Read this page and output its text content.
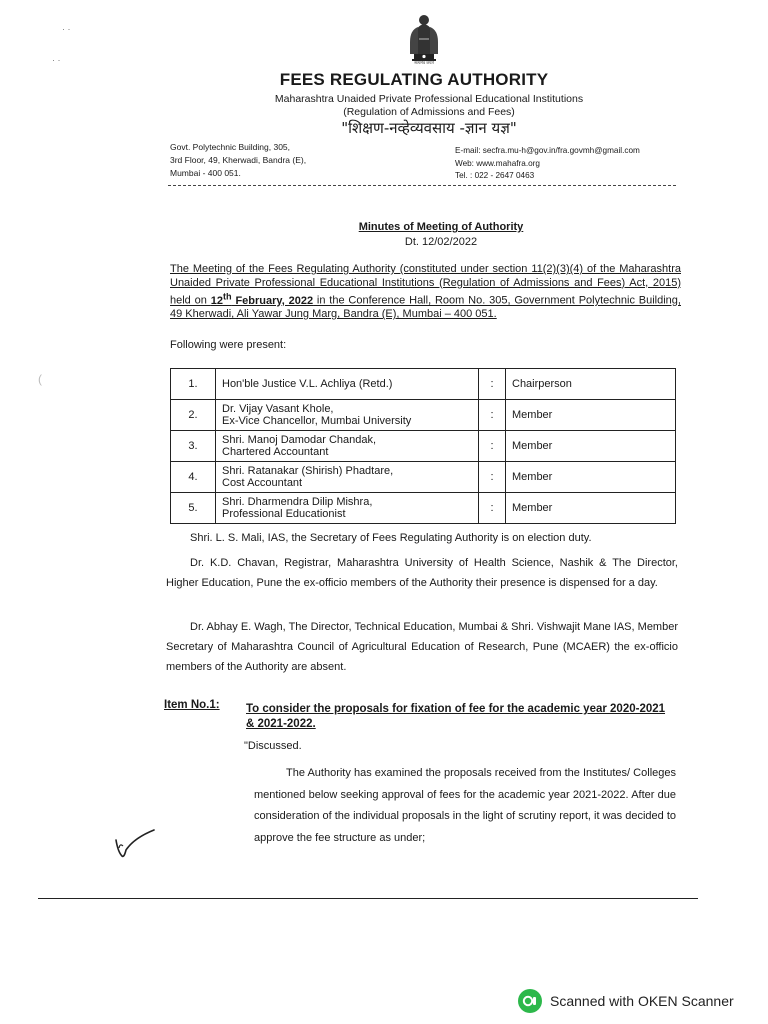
सत्यमेव जयते
FEES REGULATING AUTHORITY
Maharashtra Unaided Private Professional Educational Institutions
(Regulation of Admissions and Fees)
"शिक्षण-नव्हेव्यवसाय -ज्ञान यज्ञ"
Govt. Polytechnic Building, 305,
3rd Floor, 49, Kherwadi, Bandra (E),
Mumbai - 400 051.
E-mail: secfra.mu-h@gov.in/fra.govmh@gmail.com
Web: www.mahafra.org
Tel. : 022 - 2647 0463
Minutes of Meeting of Authority
Dt. 12/02/2022
The Meeting of the Fees Regulating Authority (constituted under section 11(2)(3)(4) of the Maharashtra Unaided Private Professional Educational Institutions (Regulation of Admissions and Fees) Act, 2015) held on 12th February, 2022 in the Conference Hall, Room No. 305, Government Polytechnic Building, 49 Kherwadi, Ali Yawar Jung Marg, Bandra (E), Mumbai – 400 051.
Following were present:
1.	Hon'ble Justice V.L. Achliya (Retd.)	:	Chairperson
2.	Dr. Vijay Vasant Khole,
Ex-Vice Chancellor, Mumbai University	:	Member
3.	Shri. Manoj Damodar Chandak,
Chartered Accountant	:	Member
4.	Shri. Ratanakar (Shirish) Phadtare,
Cost Accountant	:	Member
5.	Shri. Dharmendra Dilip Mishra,
Professional Educationist	:	Member
Shri. L. S. Mali, IAS, the Secretary of Fees Regulating Authority is on election duty.
Dr. K.D. Chavan, Registrar, Maharashtra University of Health Science, Nashik & The Director, Higher Education, Pune the ex-officio members of the Authority their presence is dispensed for a day.
Dr. Abhay E. Wagh, The Director, Technical Education, Mumbai & Shri. Vishwajit Mane IAS, Member Secretary of Maharashtra Council of Agricultural Education of Research, Pune (MCAER) the ex-officio members of the Authority are absent.
Item No.1: To consider the proposals for fixation of fee for the academic year 2020-2021 & 2021-2022.
"Discussed.
The Authority has examined the proposals received from the Institutes/ Colleges mentioned below seeking approval of fees for the academic year 2021-2022. After due consideration of the individual proposals in the light of scrutiny report, it was decided to approve the fee structure as under;
· ·
· ·
(
Scanned with OKEN Scanner
